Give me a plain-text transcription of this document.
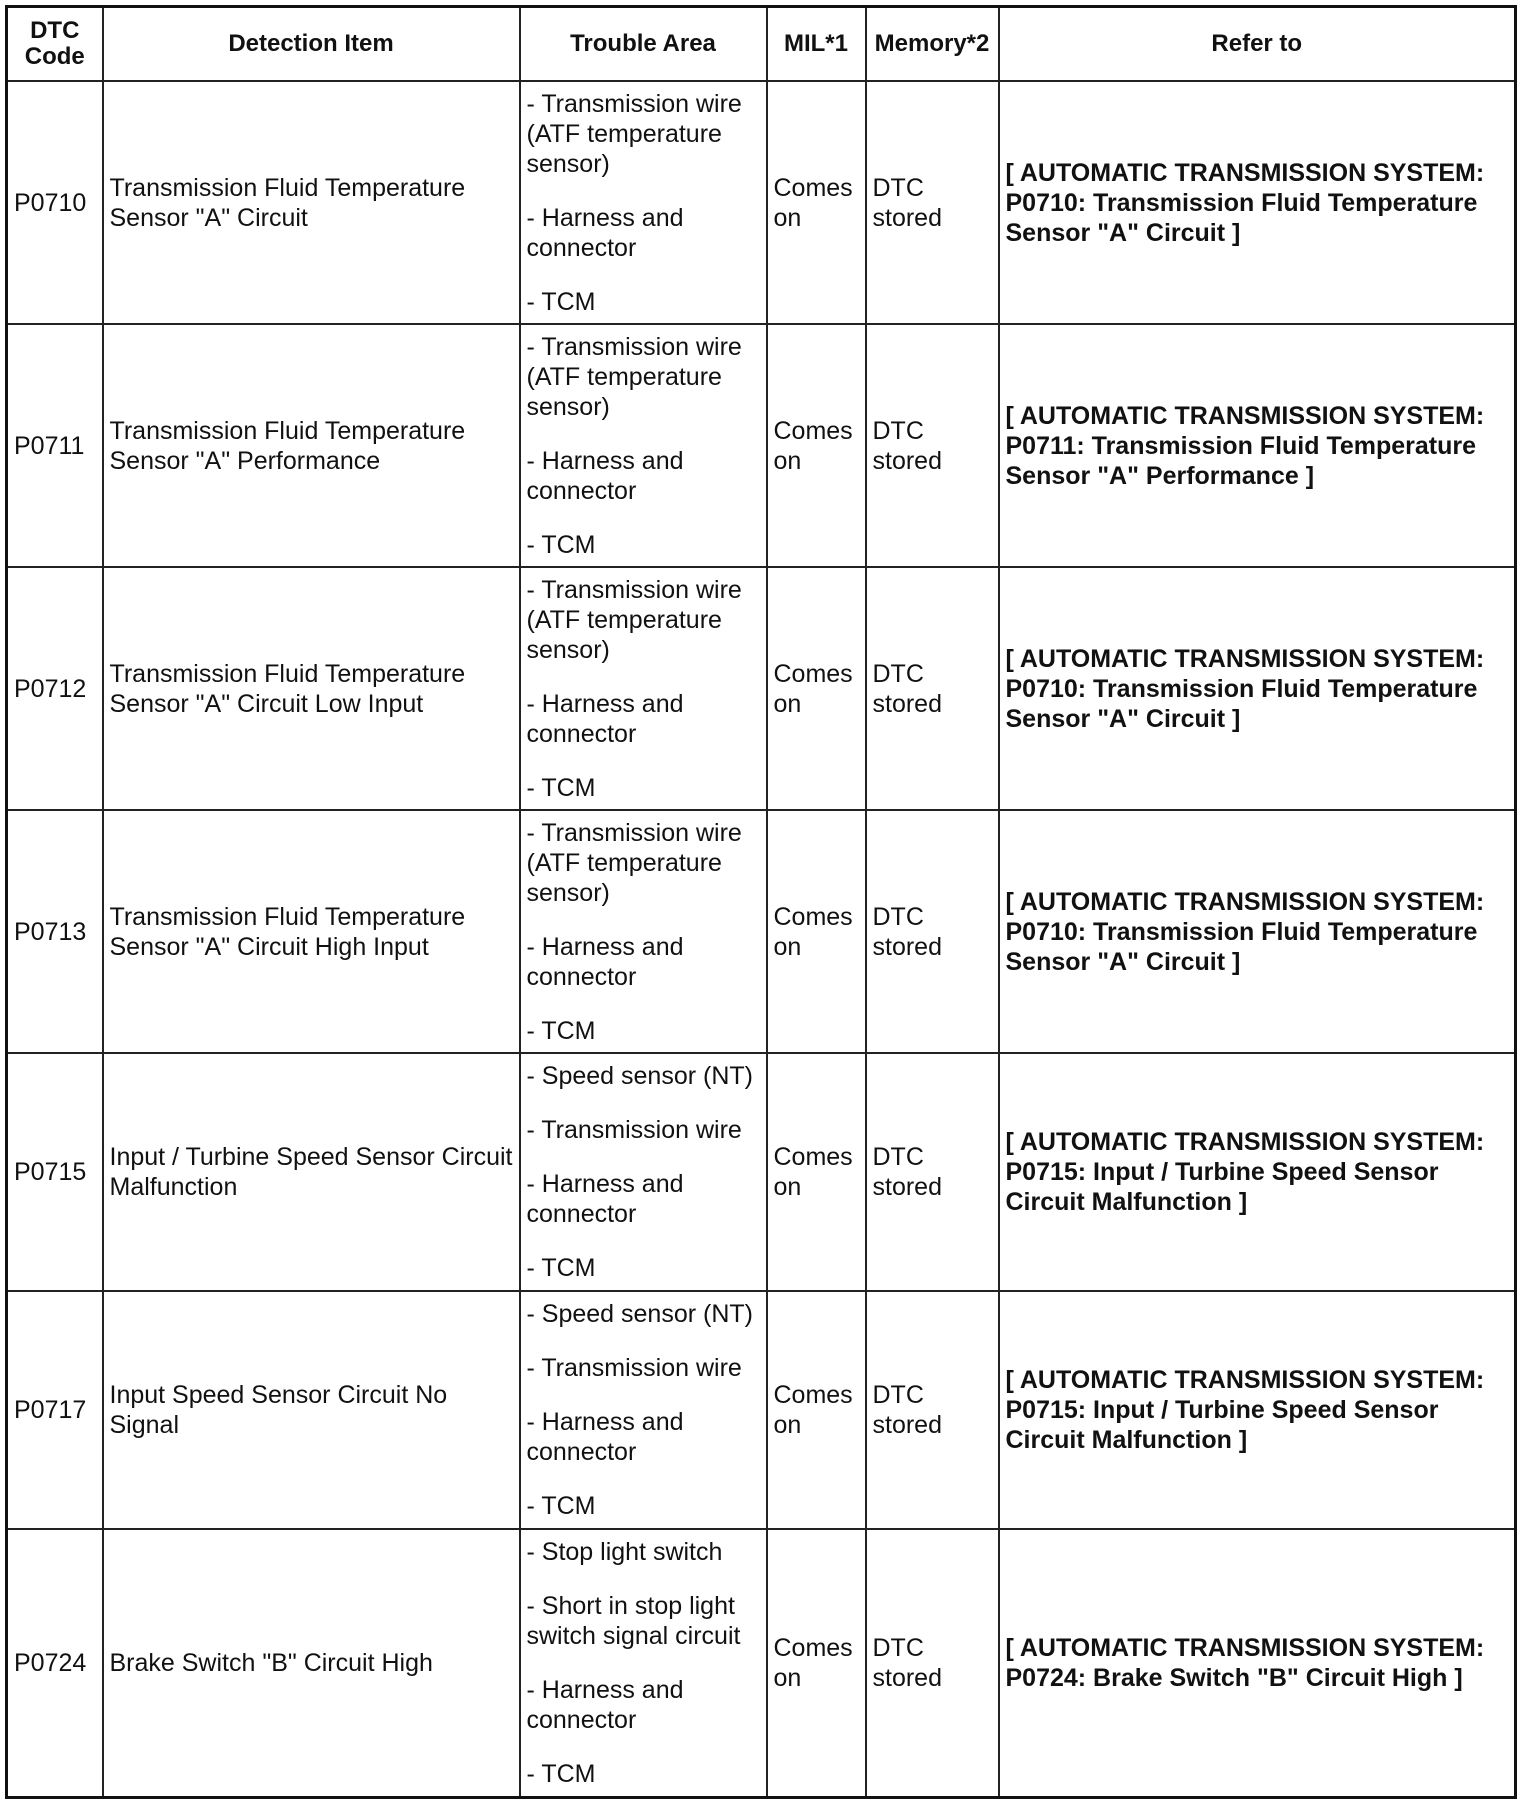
DTC Code	Detection Item	Trouble Area	MIL*1	Memory*2	Refer to
P0710	Transmission Fluid Temperature Sensor "A" Circuit	- Transmission wire (ATF temperature sensor)
- Harness and connector
- TCM	Comes on	DTC stored	[ AUTOMATIC TRANSMISSION SYSTEM: P0710: Transmission Fluid Temperature Sensor "A" Circuit ]
P0711	Transmission Fluid Temperature Sensor "A" Performance	- Transmission wire (ATF temperature sensor)
- Harness and connector
- TCM	Comes on	DTC stored	[ AUTOMATIC TRANSMISSION SYSTEM: P0711: Transmission Fluid Temperature Sensor "A" Performance ]
P0712	Transmission Fluid Temperature Sensor "A" Circuit Low Input	- Transmission wire (ATF temperature sensor)
- Harness and connector
- TCM	Comes on	DTC stored	[ AUTOMATIC TRANSMISSION SYSTEM: P0710: Transmission Fluid Temperature Sensor "A" Circuit ]
P0713	Transmission Fluid Temperature Sensor "A" Circuit High Input	- Transmission wire (ATF temperature sensor)
- Harness and connector
- TCM	Comes on	DTC stored	[ AUTOMATIC TRANSMISSION SYSTEM: P0710: Transmission Fluid Temperature Sensor "A" Circuit ]
P0715	Input / Turbine Speed Sensor Circuit Malfunction	- Speed sensor (NT)
- Transmission wire
- Harness and connector
- TCM	Comes on	DTC stored	[ AUTOMATIC TRANSMISSION SYSTEM: P0715: Input / Turbine Speed Sensor Circuit Malfunction ]
P0717	Input Speed Sensor Circuit No Signal	- Speed sensor (NT)
- Transmission wire
- Harness and connector
- TCM	Comes on	DTC stored	[ AUTOMATIC TRANSMISSION SYSTEM: P0715: Input / Turbine Speed Sensor Circuit Malfunction ]
P0724	Brake Switch "B" Circuit High	- Stop light switch
- Short in stop light switch signal circuit
- Harness and connector
- TCM	Comes on	DTC stored	[ AUTOMATIC TRANSMISSION SYSTEM: P0724: Brake Switch "B" Circuit High ]
